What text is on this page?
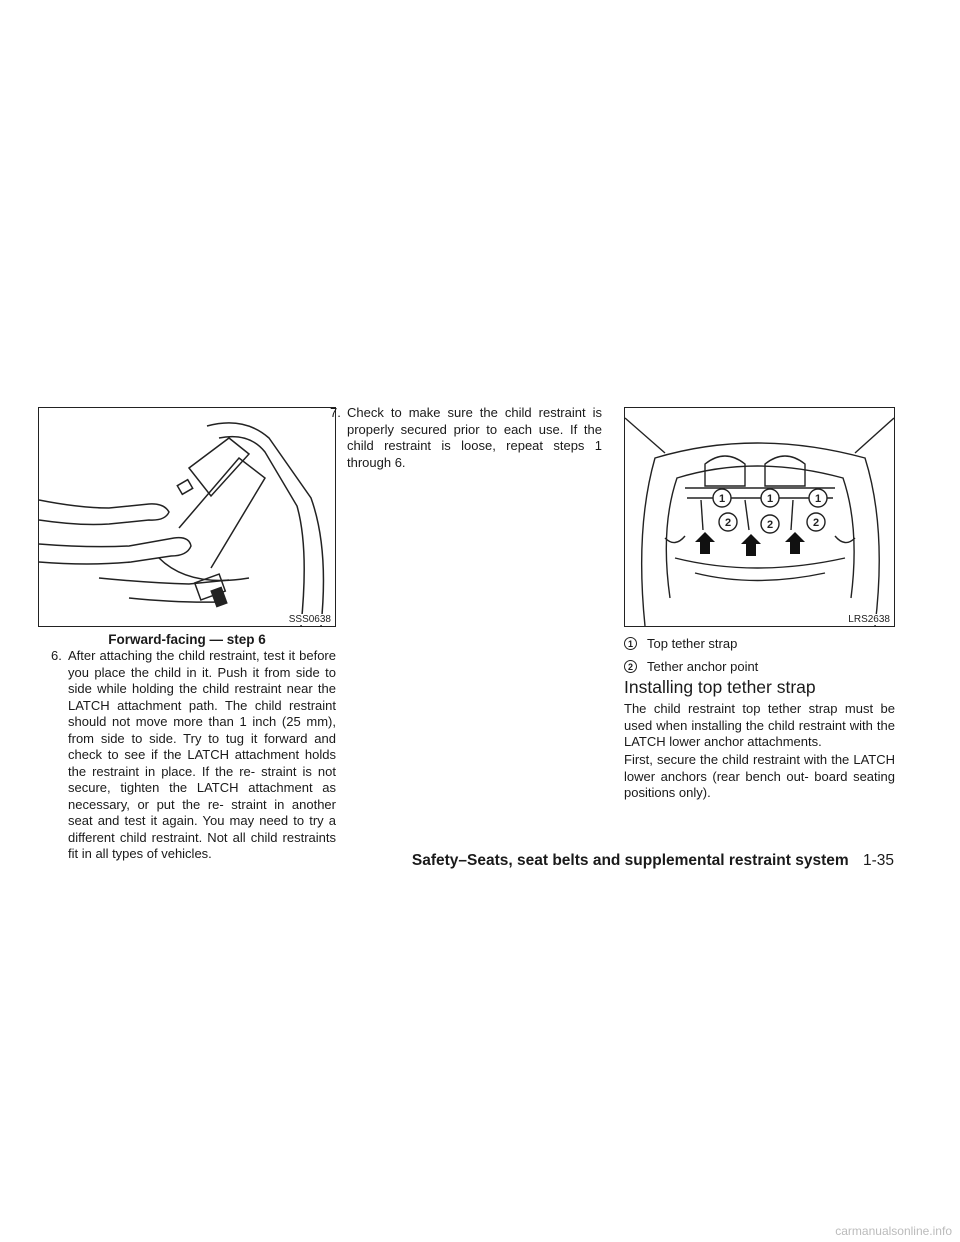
SSS0638
Forward-facing — step 6

6. After attaching the child restraint, test it before you place the child in it. Push it from side to side while holding the child restraint near the LATCH attachment path. The child restraint should not move more than 1 inch (25 mm), from side to side. Try to tug it forward and check to see if the LATCH attachment holds the restraint in place. If the re- straint is not secure, tighten the LATCH attachment as necessary, or put the re- straint in another seat and test it again. You may need to try a different child restraint. Not all child restraints fit in all types of vehicles.

7. Check to make sure the child restraint is properly secured prior to each use. If the child restraint is loose, repeat steps 1 through 6.

1	1	1
2	2	2
LRS2638
1	Top tether strap
2	Tether anchor point
Installing top tether strap

The child restraint top tether strap must be used when installing the child restraint with the LATCH lower anchor attachments.

First, secure the child restraint with the LATCH lower anchors (rear bench out- board seating positions only).

Safety–Seats, seat belts and supplemental restraint system 1-35
carmanualsonline.info
